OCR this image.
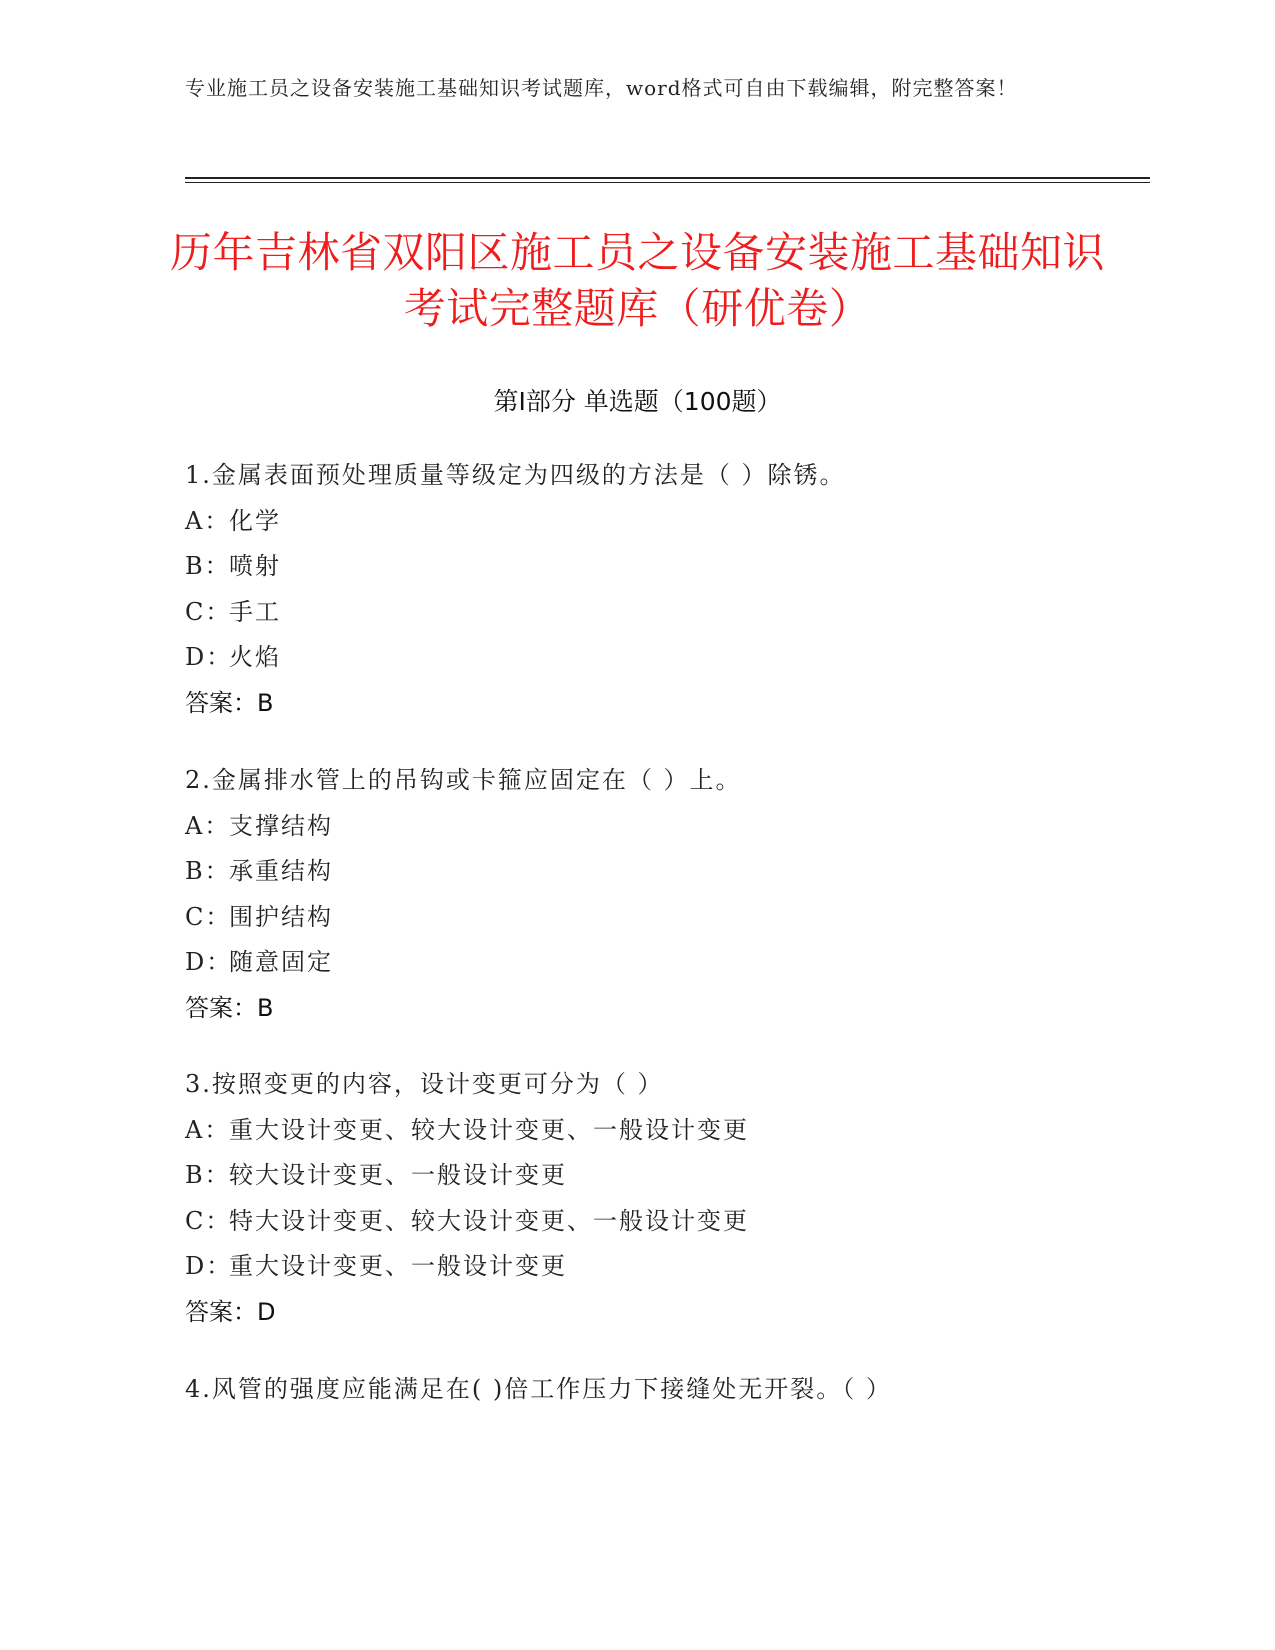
专业施工员之设备安装施工基础知识考试题库，word格式可自由下载编辑，附完整答案！
历年吉林省双阳区施工员之设备安装施工基础知识考试完整题库（研优卷）
第Ⅰ部分 单选题（100题）
1.金属表面预处理质量等级定为四级的方法是（ ）除锈。
A：化学
B：喷射
C：手工
D：火焰
答案：B
2.金属排水管上的吊钩或卡箍应固定在（ ）上。
A：支撑结构
B：承重结构
C：围护结构
D：随意固定
答案：B
3.按照变更的内容，设计变更可分为（ ）
A：重大设计变更、较大设计变更、一般设计变更
B：较大设计变更、一般设计变更
C：特大设计变更、较大设计变更、一般设计变更
D：重大设计变更、一般设计变更
答案：D
4.风管的强度应能满足在( )倍工作压力下接缝处无开裂。（ ）
